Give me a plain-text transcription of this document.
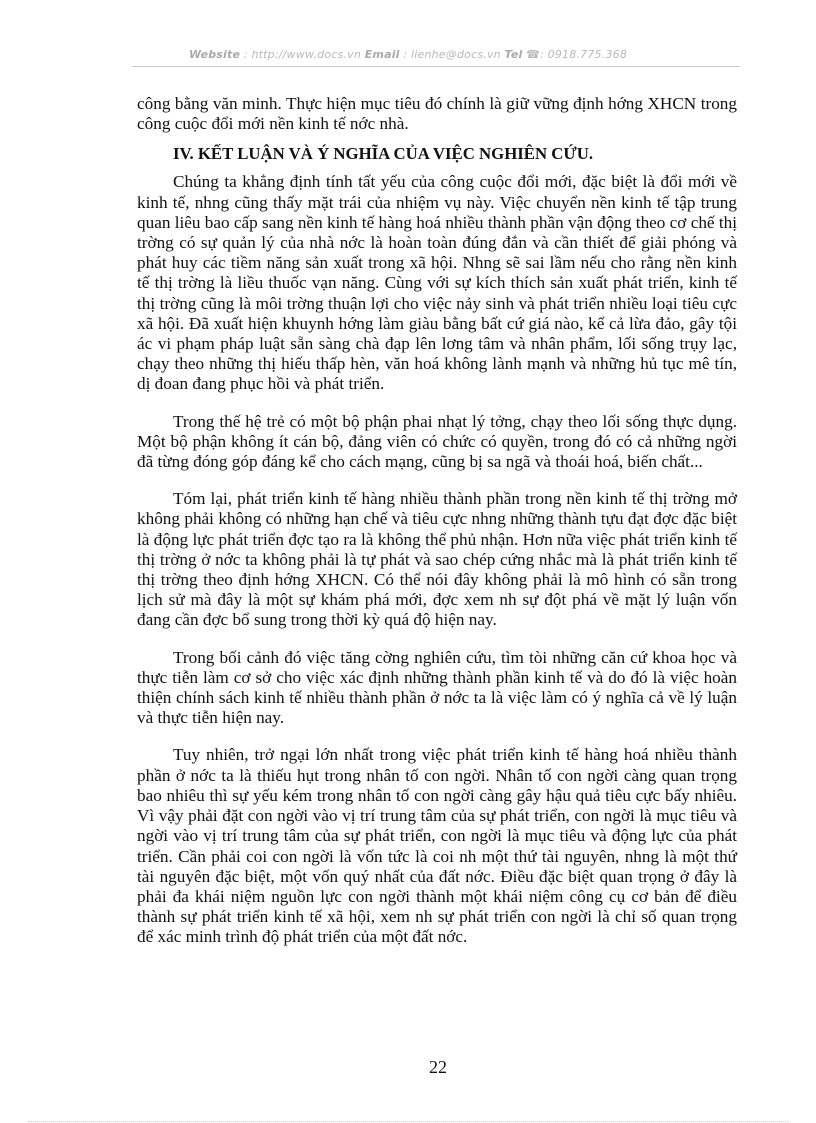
Website : http://www.docs.vn Email : lienhe@docs.vn Tel ☎: 0918.775.368

công bằng văn minh. Thực hiện mục tiêu đó chính là giữ vững định hớng XHCN trong công cuộc đổi mới nền kinh tế nớc nhà.

IV. KẾT LUẬN VÀ Ý NGHĨA CỦA VIỆC NGHIÊN CỨU.

Chúng ta khẳng định tính tất yếu của công cuộc đổi mới, đặc biệt là đổi mới về kinh tế, nhng cũng thấy mặt trái của nhiệm vụ này. Việc chuyển nền kinh tế tập trung quan liêu bao cấp sang nền kinh tế hàng hoá nhiều thành phần vận động theo cơ chế thị trờng có sự quản lý của nhà nớc là hoàn toàn đúng đắn và cần thiết để giải phóng và phát huy các tiềm năng sản xuất trong xã hội. Nhng sẽ sai lầm nếu cho rằng nền kinh tế thị trờng là liều thuốc vạn năng. Cùng với sự kích thích sản xuất phát triển, kinh tế thị trờng cũng là môi trờng thuận lợi cho việc nảy sinh và phát triển nhiều loại tiêu cực xã hội. Đã xuất hiện khuynh hớng làm giàu bằng bất cứ giá nào, kể cả lừa đảo, gây tội ác vi phạm pháp luật sẵn sàng chà đạp lên lơng tâm và nhân phẩm, lối sống trụy lạc, chạy theo những thị hiếu thấp hèn, văn hoá không lành mạnh và những hủ tục mê tín, dị đoan đang phục hồi và phát triển.

Trong thế hệ trẻ có một bộ phận phai nhạt lý tởng, chạy theo lối sống thực dụng. Một bộ phận không ít cán bộ, đảng viên có chức có quyền, trong đó có cả những ngời đã từng đóng góp đáng kể cho cách mạng, cũng bị sa ngã và thoái hoá, biến chất...

Tóm lại, phát triển kinh tế hàng nhiều thành phần trong nền kinh tế thị trờng mở không phải không có những hạn chế và tiêu cực nhng những thành tựu đạt đợc đặc biệt là động lực phát triển đợc tạo ra là không thể phủ nhận. Hơn nữa việc phát triển kinh tế thị trờng ở nớc ta không phải là tự phát và sao chép cứng nhắc mà là phát triển kinh tế thị trờng theo định hớng XHCN. Có thể nói đây không phải là mô hình có sẵn trong lịch sử mà đây là một sự khám phá mới, đợc xem nh sự đột phá về mặt lý luận vốn đang cần đợc bổ sung trong thời kỳ quá độ hiện nay.

Trong bối cảnh đó việc tăng cờng nghiên cứu, tìm tòi những căn cứ khoa học và thực tiễn làm cơ sở cho việc xác định những thành phần kinh tế và do đó là việc hoàn thiện chính sách kinh tế nhiều thành phần ở nớc ta là việc làm có ý nghĩa cả về lý luận và thực tiễn hiện nay.

Tuy nhiên, trở ngại lớn nhất trong việc phát triển kinh tế hàng hoá nhiều thành phần ở nớc ta là thiếu hụt trong nhân tố con ngời. Nhân tố con ngời càng quan trọng bao nhiêu thì sự yếu kém trong nhân tố con ngời càng gây hậu quả tiêu cực bấy nhiêu. Vì vậy phải đặt con ngời vào vị trí trung tâm của sự phát triển, con ngời là mục tiêu và ngời vào vị trí trung tâm của sự phát triển, con ngời là mục tiêu và động lực của phát triển. Cần phải coi con ngời là vốn tức là coi nh một thứ tài nguyên, nhng là một thứ tài nguyên đặc biệt, một vốn quý nhất của đất nớc. Điều đặc biệt quan trọng ở đây là phải đa khái niệm nguồn lực con ngời thành một khái niệm công cụ cơ bản để điều thành sự phát triển kinh tế xã hội, xem nh sự phát triển con ngời là chỉ số quan trọng để xác minh trình độ phát triển của một đất nớc.

22
